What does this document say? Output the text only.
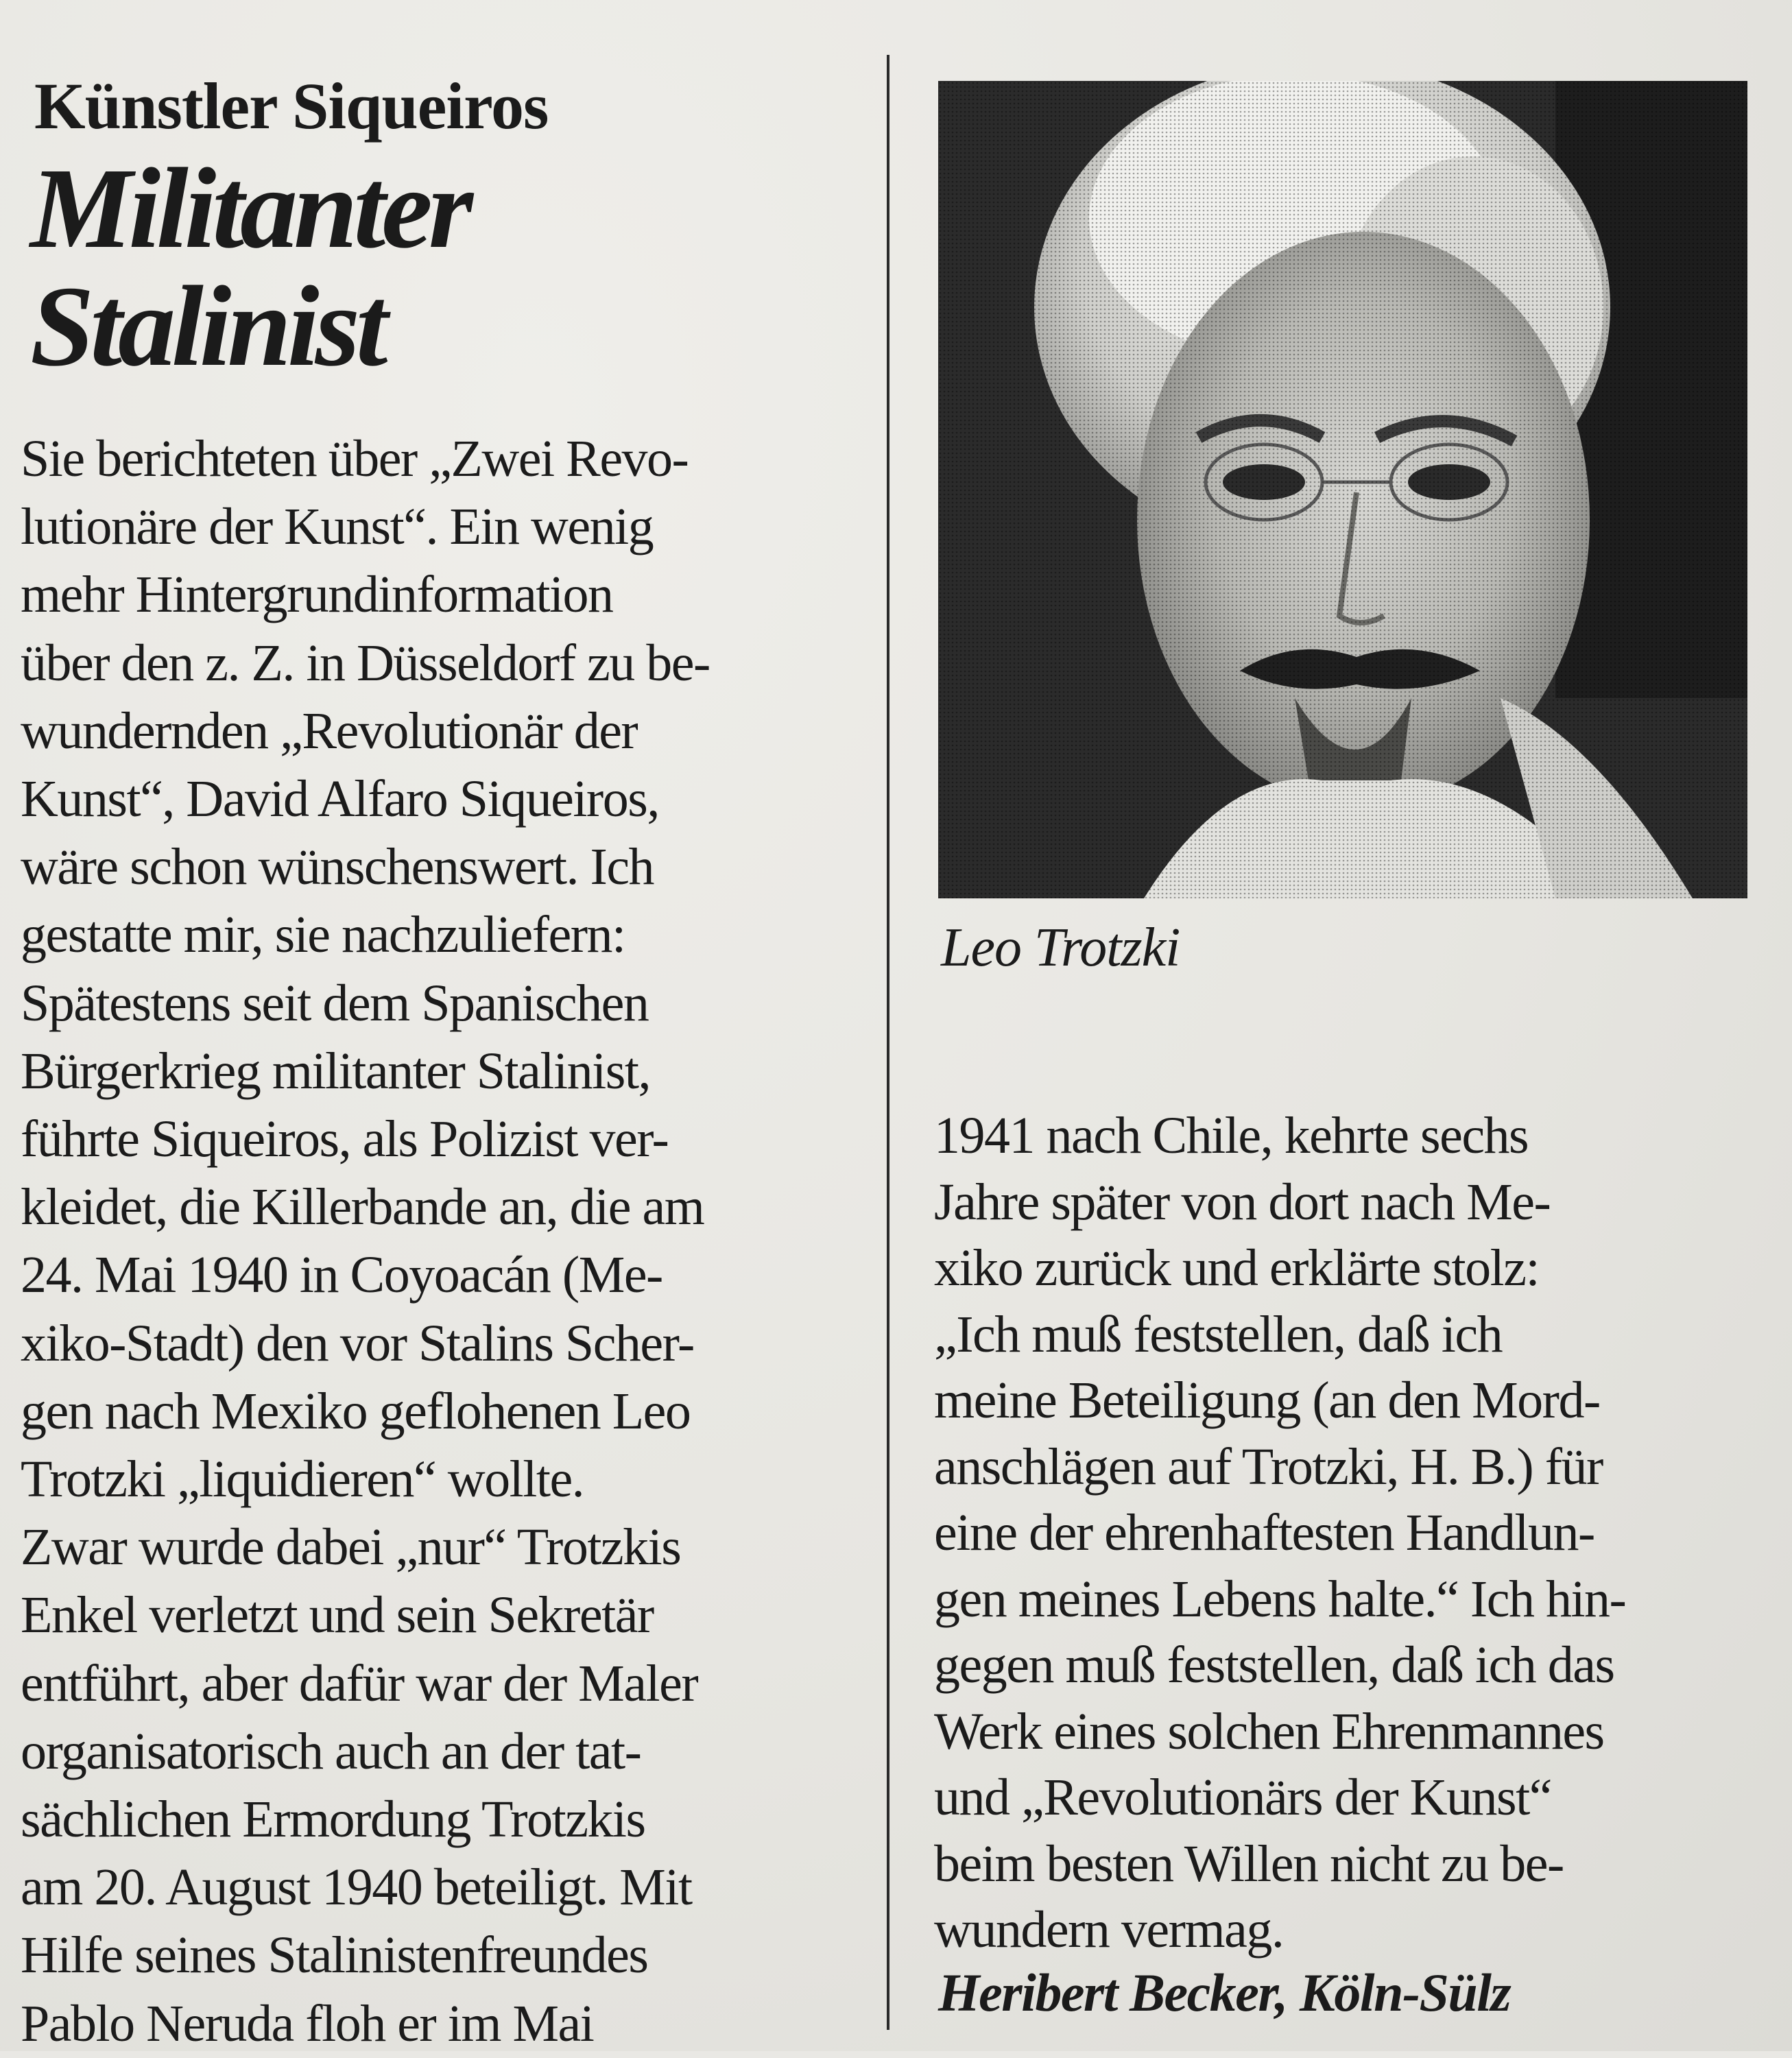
Künstler Siqueiros
Militanter
Stalinist
Sie berichteten über „Zwei Revo-
lutionäre der Kunst“. Ein wenig
mehr Hintergrundinformation
über den z. Z. in Düsseldorf zu be-
wundernden „Revolutionär der
Kunst“, David Alfaro Siqueiros,
wäre schon wünschenswert. Ich
gestatte mir, sie nachzuliefern:
Spätestens seit dem Spanischen
Bürgerkrieg militanter Stalinist,
führte Siqueiros, als Polizist ver-
kleidet, die Killerbande an, die am
24. Mai 1940 in Coyoacán (Me-
xiko-Stadt) den vor Stalins Scher-
gen nach Mexiko geflohenen Leo
Trotzki „liquidieren“ wollte.
Zwar wurde dabei „nur“ Trotzkis
Enkel verletzt und sein Sekretär
entführt, aber dafür war der Maler
organisatorisch auch an der tat-
sächlichen Ermordung Trotzkis
am 20. August 1940 beteiligt. Mit
Hilfe seines Stalinistenfreundes
Pablo Neruda floh er im Mai
Leo Trotzki
1941 nach Chile, kehrte sechs
Jahre später von dort nach Me-
xiko zurück und erklärte stolz:
„Ich muß feststellen, daß ich
meine Beteiligung (an den Mord-
anschlägen auf Trotzki, H. B.) für
eine der ehrenhaftesten Handlun-
gen meines Lebens halte.“ Ich hin-
gegen muß feststellen, daß ich das
Werk eines solchen Ehrenmannes
und „Revolutionärs der Kunst“
beim besten Willen nicht zu be-
wundern vermag.
Heribert Becker, Köln-Sülz
